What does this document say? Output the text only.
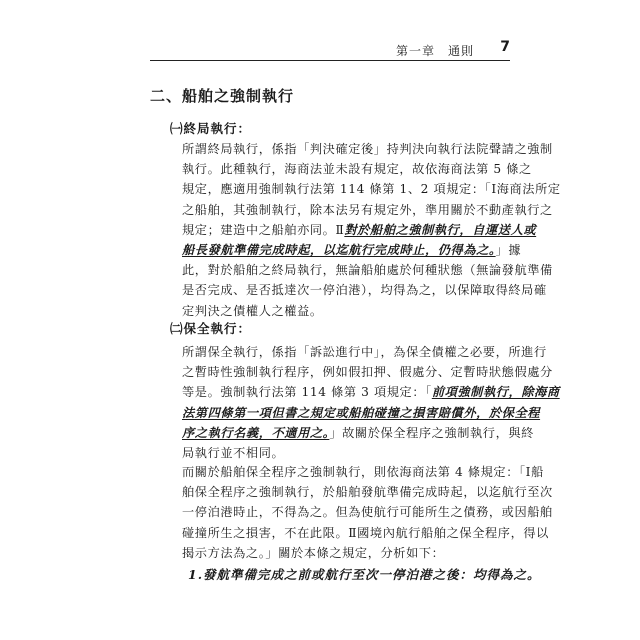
第一章　通則 7
二、船舶之強制執行
㈠終局執行：
所謂終局執行，係指「判決確定後」持判決向執行法院聲請之強制
執行。此種執行，海商法並未設有規定，故依海商法第 5 條之
規定，應適用強制執行法第 114 條第 1、2 項規定：「Ⅰ海商法所定
之船舶，其強制執行，除本法另有規定外，準用關於不動產執行之
規定；建造中之船舶亦同。Ⅱ對於船舶之強制執行，自運送人或
船長發航準備完成時起，以迄航行完成時止，仍得為之。」據
此，對於船舶之終局執行，無論船舶處於何種狀態（無論發航準備
是否完成、是否抵達次一停泊港），均得為之，以保障取得終局確
定判決之債權人之權益。
㈡保全執行：
所謂保全執行，係指「訴訟進行中」，為保全債權之必要，所進行
之暫時性強制執行程序，例如假扣押、假處分、定暫時狀態假處分
等是。強制執行法第 114 條第 3 項規定：「前項強制執行，除海商
法第四條第一項但書之規定或船舶碰撞之損害賠償外，於保全程
序之執行名義，不適用之。」故關於保全程序之強制執行，與終
局執行並不相同。
而關於船舶保全程序之強制執行，則依海商法第 4 條規定：「Ⅰ船
舶保全程序之強制執行，於船舶發航準備完成時起，以迄航行至次
一停泊港時止，不得為之。但為使航行可能所生之債務，或因船舶
碰撞所生之損害，不在此限。Ⅱ國境內航行船舶之保全程序，得以
揭示方法為之。」關於本條之規定，分析如下：
1.發航準備完成之前或航行至次一停泊港之後：均得為之。
